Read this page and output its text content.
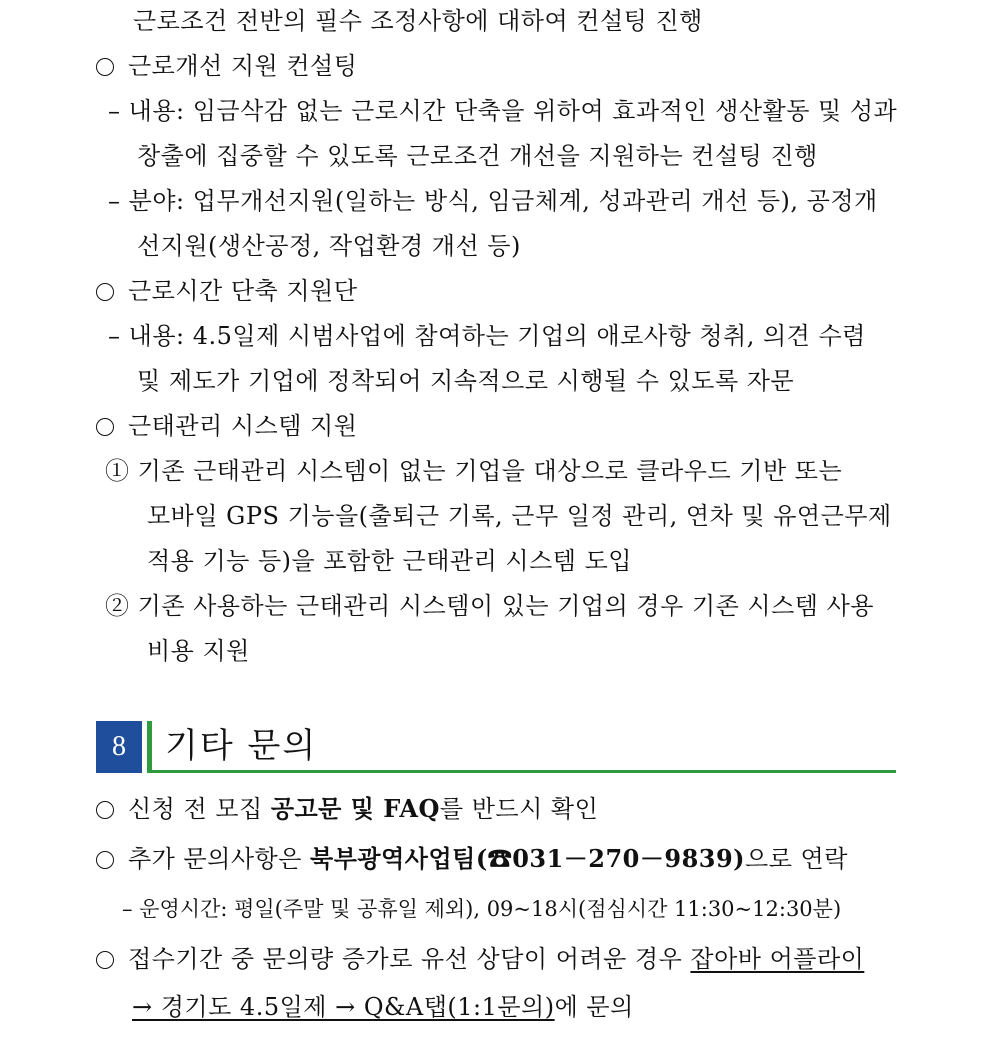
근로조건 전반의 필수 조정사항에 대하여 컨설팅 진행
근로개선 지원 컨설팅
– 내용: 임금삭감 없는 근로시간 단축을 위하여 효과적인 생산활동 및 성과
창출에 집중할 수 있도록 근로조건 개선을 지원하는 컨설팅 진행
– 분야: 업무개선지원(일하는 방식, 임금체계, 성과관리 개선 등), 공정개
선지원(생산공정, 작업환경 개선 등)
근로시간 단축 지원단
– 내용: 4.5일제 시범사업에 참여하는 기업의 애로사항 청취, 의견 수렴
및 제도가 기업에 정착되어 지속적으로 시행될 수 있도록 자문
근태관리 시스템 지원
① 기존 근태관리 시스템이 없는 기업을 대상으로 클라우드 기반 또는
모바일 GPS 기능을(출퇴근 기록, 근무 일정 관리, 연차 및 유연근무제
적용 기능 등)을 포함한 근태관리 시스템 도입
② 기존 사용하는 근태관리 시스템이 있는 기업의 경우 기존 시스템 사용
비용 지원
8	기타 문의
신청 전 모집 공고문 및 FAQ를 반드시 확인
추가 문의사항은 북부광역사업팀(☎031－270－9839)으로 연락
– 운영시간: 평일(주말 및 공휴일 제외), 09~18시(점심시간 11:30~12:30분)
접수기간 중 문의량 증가로 유선 상담이 어려운 경우 잡아바 어플라이
→ 경기도 4.5일제 → Q&A탭(1:1문의)에 문의
